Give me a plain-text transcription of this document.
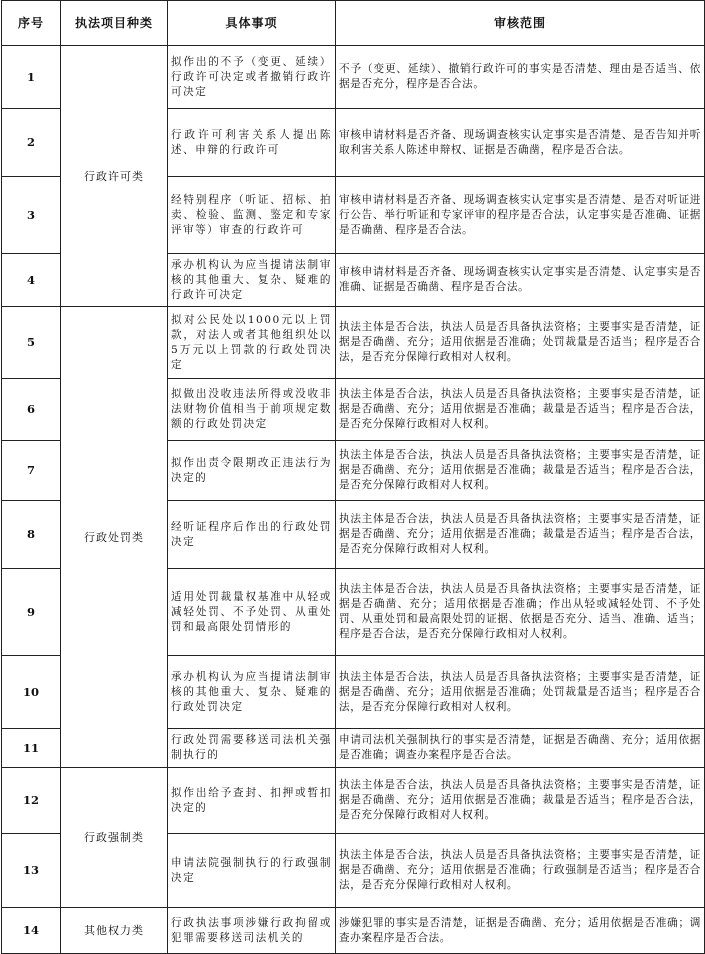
序号	执法项目种类	具体事项	审核范围
1	行政许可类	拟作出的不予（变更、延续）行政许可决定或者撤销行政许可决定	不予（变更、延续）、撤销行政许可的事实是否清楚、理由是否适当、依据是否充分，程序是否合法。
2		行政许可利害关系人提出陈述、申辩的行政许可	审核申请材料是否齐备、现场调查核实认定事实是否清楚、是否告知并听取利害关系人陈述申辩权、证据是否确凿，程序是否合法。
3		经特别程序（听证、招标、拍卖、检验、监测、鉴定和专家评审等）审查的行政许可	审核申请材料是否齐备、现场调查核实认定事实是否清楚、是否对听证进行公告、举行听证和专家评审的程序是否合法，认定事实是否准确、证据是否确凿、程序是否合法。
4		承办机构认为应当提请法制审核的其他重大、复杂、疑难的行政许可决定	审核申请材料是否齐备、现场调查核实认定事实是否清楚、认定事实是否准确、证据是否确凿、程序是否合法。
5	行政处罚类	拟对公民处以1000元以上罚款，对法人或者其他组织处以5万元以上罚款的行政处罚决定	执法主体是否合法，执法人员是否具备执法资格；主要事实是否清楚，证据是否确凿、充分；适用依据是否准确；处罚裁量是否适当；程序是否合法，是否充分保障行政相对人权利。
6		拟做出没收违法所得或没收非法财物价值相当于前项规定数额的行政处罚决定	执法主体是否合法，执法人员是否具备执法资格；主要事实是否清楚，证据是否确凿、充分；适用依据是否准确；裁量是否适当；程序是否合法，是否充分保障行政相对人权利。
7		拟作出责令限期改正违法行为决定的	执法主体是否合法，执法人员是否具备执法资格；主要事实是否清楚，证据是否确凿、充分；适用依据是否准确；裁量是否适当；程序是否合法，是否充分保障行政相对人权利。
8		经听证程序后作出的行政处罚决定	执法主体是否合法，执法人员是否具备执法资格；主要事实是否清楚，证据是否确凿、充分；适用依据是否准确；裁量是否适当；程序是否合法，是否充分保障行政相对人权利。
9		适用处罚裁量权基准中从轻或减轻处罚、不予处罚、从重处罚和最高限处罚情形的	执法主体是否合法，执法人员是否具备执法资格；主要事实是否清楚，证据是否确凿、充分；适用依据是否准确；作出从轻或减轻处罚、不予处罚、从重处罚和最高限处罚的证据、依据是否充分、适当、准确、适当；程序是否合法，是否充分保障行政相对人权利。
10		承办机构认为应当提请法制审核的其他重大、复杂、疑难的行政处罚决定	执法主体是否合法，执法人员是否具备执法资格；主要事实是否清楚，证据是否确凿、充分；适用依据是否准确；处罚裁量是否适当；程序是否合法，是否充分保障行政相对人权利。
11		行政处罚需要移送司法机关强制执行的	申请司法机关强制执行的事实是否清楚，证据是否确凿、充分；适用依据是否准确；调查办案程序是否合法。
12	行政强制类	拟作出给予查封、扣押或暂扣决定的	执法主体是否合法，执法人员是否具备执法资格；主要事实是否清楚，证据是否确凿、充分；适用依据是否准确；裁量是否适当；程序是否合法，是否充分保障行政相对人权利。
13		申请法院强制执行的行政强制决定	执法主体是否合法，执法人员是否具备执法资格；主要事实是否清楚，证据是否确凿、充分；适用依据是否准确；行政强制是否适当；程序是否合法，是否充分保障行政相对人权利。
14	其他权力类	行政执法事项涉嫌行政拘留或犯罪需要移送司法机关的	涉嫌犯罪的事实是否清楚，证据是否确凿、充分；适用依据是否准确；调查办案程序是否合法。
